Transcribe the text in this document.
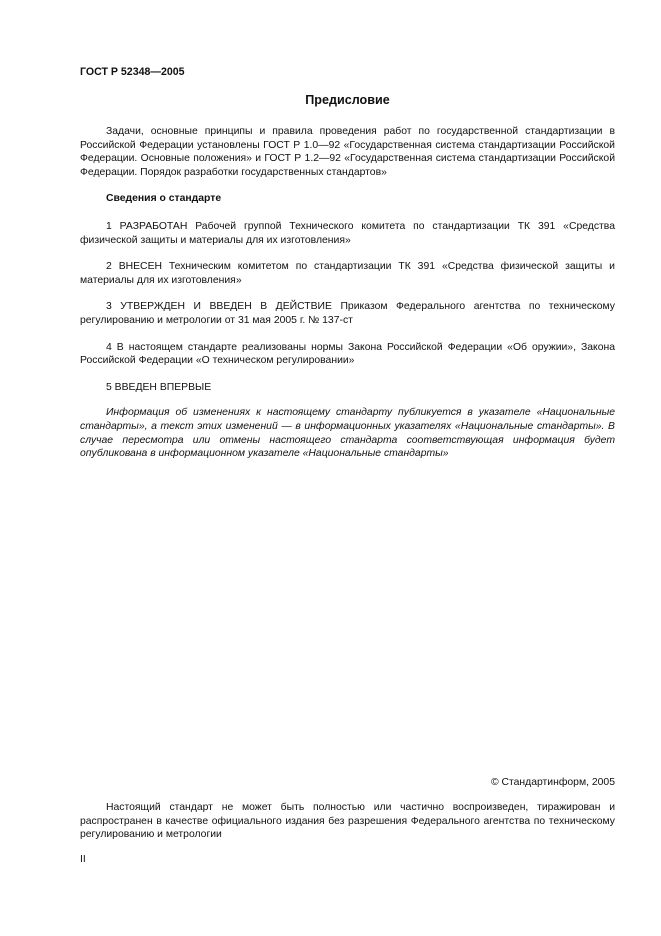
ГОСТ Р 52348—2005
Предисловие

Задачи, основные принципы и правила проведения работ по государственной стандартизации в Российской Федерации установлены ГОСТ Р 1.0—92 «Государственная система стандартизации Российской Федерации. Основные положения» и ГОСТ Р 1.2—92 «Государственная система стандартизации Российской Федерации. Порядок разработки государственных стандартов»

Сведения о стандарте

1 РАЗРАБОТАН Рабочей группой Технического комитета по стандартизации ТК 391 «Средства физической защиты и материалы для их изготовления»

2 ВНЕСЕН Техническим комитетом по стандартизации ТК 391 «Средства физической защиты и материалы для их изготовления»

3 УТВЕРЖДЕН И ВВЕДЕН В ДЕЙСТВИЕ Приказом Федерального агентства по техническому регулированию и метрологии от 31 мая 2005 г. № 137-ст

4 В настоящем стандарте реализованы нормы Закона Российской Федерации «Об оружии», Закона Российской Федерации «О техническом регулировании»

5 ВВЕДЕН ВПЕРВЫЕ

Информация об изменениях к настоящему стандарту публикуется в указателе «Национальные стандарты», а текст этих изменений — в информационных указателях «Национальные стандарты». В случае пересмотра или отмены настоящего стандарта соответствующая информация будет опубликована в информационном указателе «Национальные стандарты»

© Стандартинформ, 2005

Настоящий стандарт не может быть полностью или частично воспроизведен, тиражирован и распространен в качестве официального издания без разрешения Федерального агентства по техническому регулированию и метрологии

II
